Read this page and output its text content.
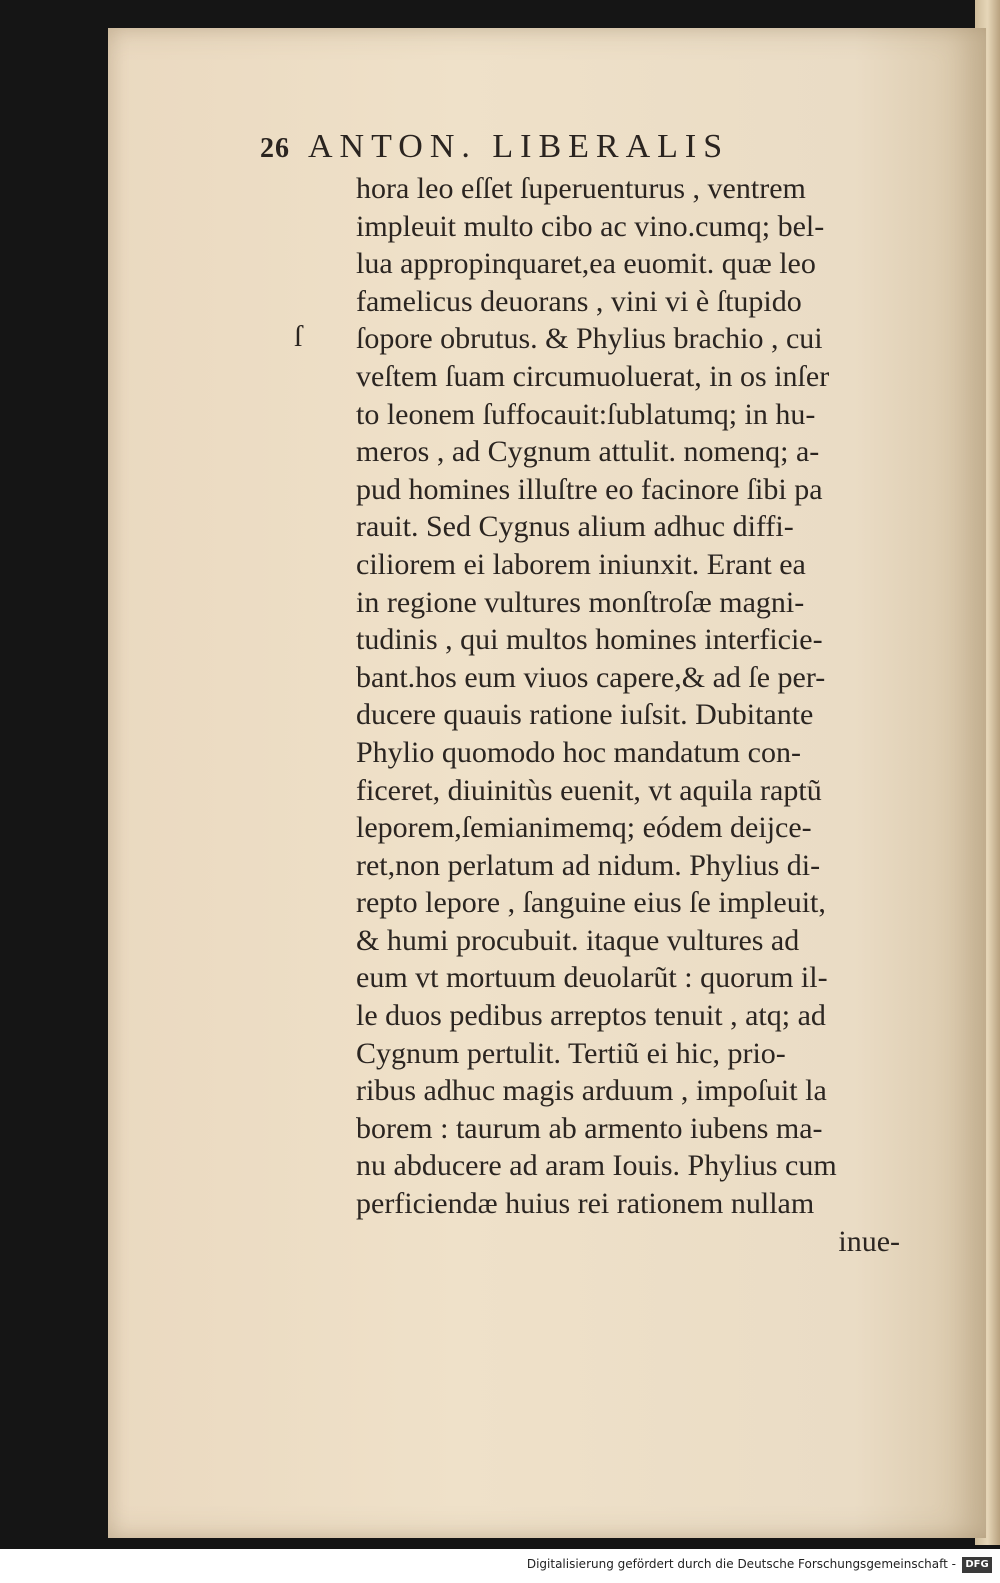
26 ANTON. LIBERALIS
ſ
hora leo eſſet ſuperuenturus , ventrem
impleuit multo cibo ac vino.cumq; bel-
lua appropinquaret,ea euomit. quæ leo
famelicus deuorans , vini vi è ſtupido
ſopore obrutus. & Phylius brachio , cui
veſtem ſuam circumuoluerat, in os inſer
to leonem ſuffocauit:ſublatumq; in hu-
meros , ad Cygnum attulit. nomenq; a-
pud homines illuſtre eo facinore ſibi pa
rauit. Sed Cygnus alium adhuc diffi-
ciliorem ei laborem iniunxit. Erant ea
in regione vultures monſtroſæ magni-
tudinis , qui multos homines interficie-
bant.hos eum viuos capere,& ad ſe per-
ducere quauis ratione iuſsit. Dubitante
Phylio quomodo hoc mandatum con-
ficeret, diuinitùs euenit, vt aquila raptũ
leporem,ſemianimemq; eódem deijce-
ret,non perlatum ad nidum. Phylius di-
repto lepore , ſanguine eius ſe impleuit,
& humi procubuit. itaque vultures ad
eum vt mortuum deuolarũt : quorum il-
le duos pedibus arreptos tenuit , atq; ad
Cygnum pertulit. Tertiũ ei hic, prio-
ribus adhuc magis arduum , impoſuit la
borem : taurum ab armento iubens ma-
nu abducere ad aram Iouis. Phylius cum
perficiendæ huius rei rationem nullam
inue-
Digitalisierung gefördert durch die Deutsche Forschungsgemeinschaft - DFG
